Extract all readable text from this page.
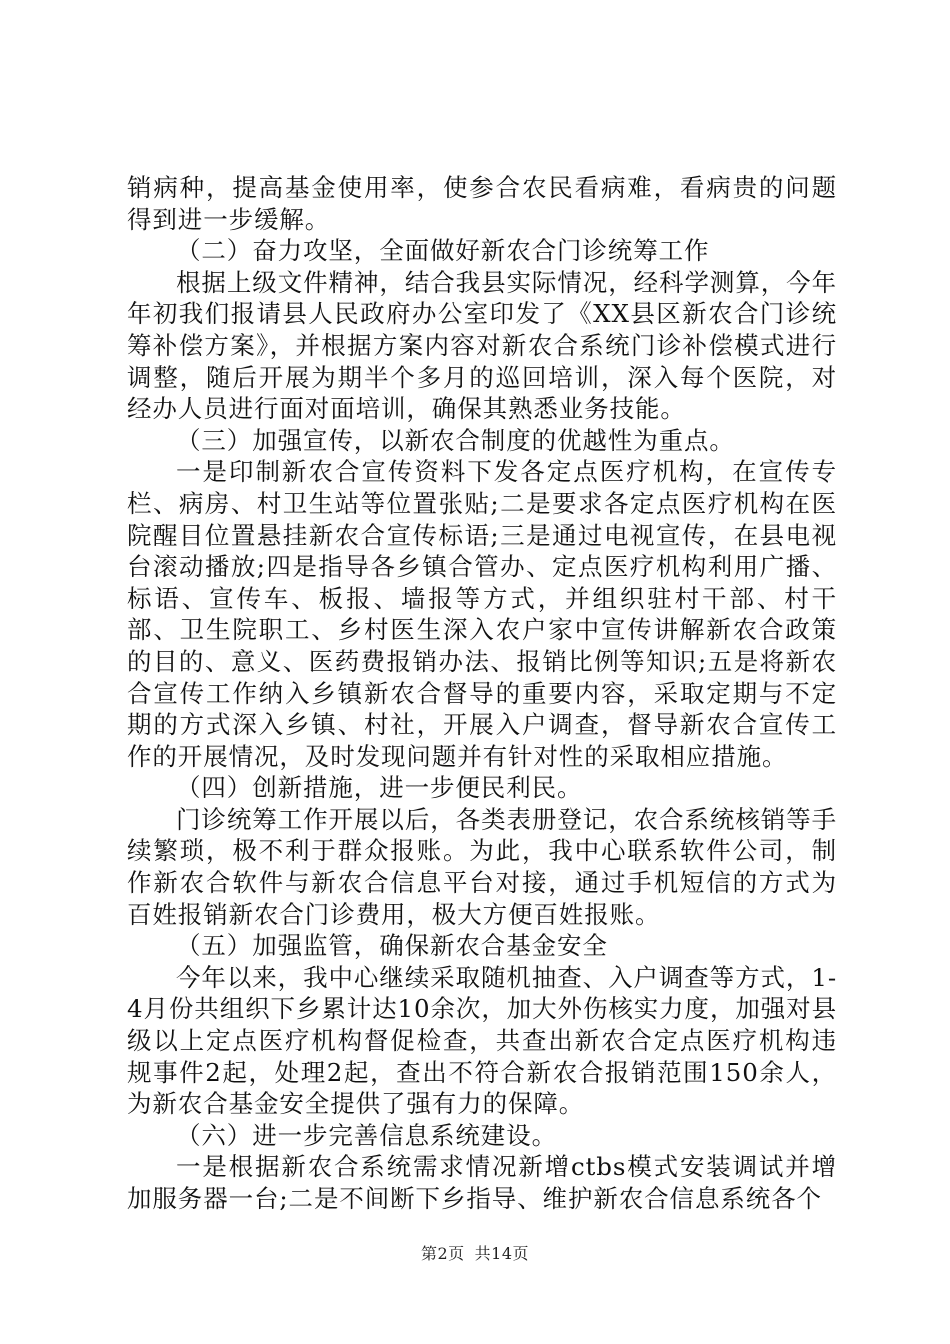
销病种，提高基金使用率，使参合农民看病难，看病贵的问题得到进一步缓解。

（二）奋力攻坚，全面做好新农合门诊统筹工作

根据上级文件精神，结合我县实际情况，经科学测算，今年年初我们报请县人民政府办公室印发了《XX县区新农合门诊统筹补偿方案》，并根据方案内容对新农合系统门诊补偿模式进行调整，随后开展为期半个多月的巡回培训，深入每个医院，对经办人员进行面对面培训，确保其熟悉业务技能。

（三）加强宣传，以新农合制度的优越性为重点。

一是印制新农合宣传资料下发各定点医疗机构，在宣传专栏、病房、村卫生站等位置张贴;二是要求各定点医疗机构在医院醒目位置悬挂新农合宣传标语;三是通过电视宣传，在县电视台滚动播放;四是指导各乡镇合管办、定点医疗机构利用广播、标语、宣传车、板报、墙报等方式，并组织驻村干部、村干部、卫生院职工、乡村医生深入农户家中宣传讲解新农合政策的目的、意义、医药费报销办法、报销比例等知识;五是将新农合宣传工作纳入乡镇新农合督导的重要内容，采取定期与不定期的方式深入乡镇、村社，开展入户调查，督导新农合宣传工作的开展情况，及时发现问题并有针对性的采取相应措施。

（四）创新措施，进一步便民利民。

门诊统筹工作开展以后，各类表册登记，农合系统核销等手续繁琐，极不利于群众报账。为此，我中心联系软件公司，制作新农合软件与新农合信息平台对接，通过手机短信的方式为百姓报销新农合门诊费用，极大方便百姓报账。

（五）加强监管，确保新农合基金安全

今年以来，我中心继续采取随机抽查、入户调查等方式，1-4月份共组织下乡累计达10余次，加大外伤核实力度，加强对县级以上定点医疗机构督促检查，共查出新农合定点医疗机构违规事件2起，处理2起，查出不符合新农合报销范围150余人，为新农合基金安全提供了强有力的保障。

（六）进一步完善信息系统建设。

一是根据新农合系统需求情况新增ctbs模式安装调试并增加服务器一台;二是不间断下乡指导、维护新农合信息系统各个

第2页 共14页
